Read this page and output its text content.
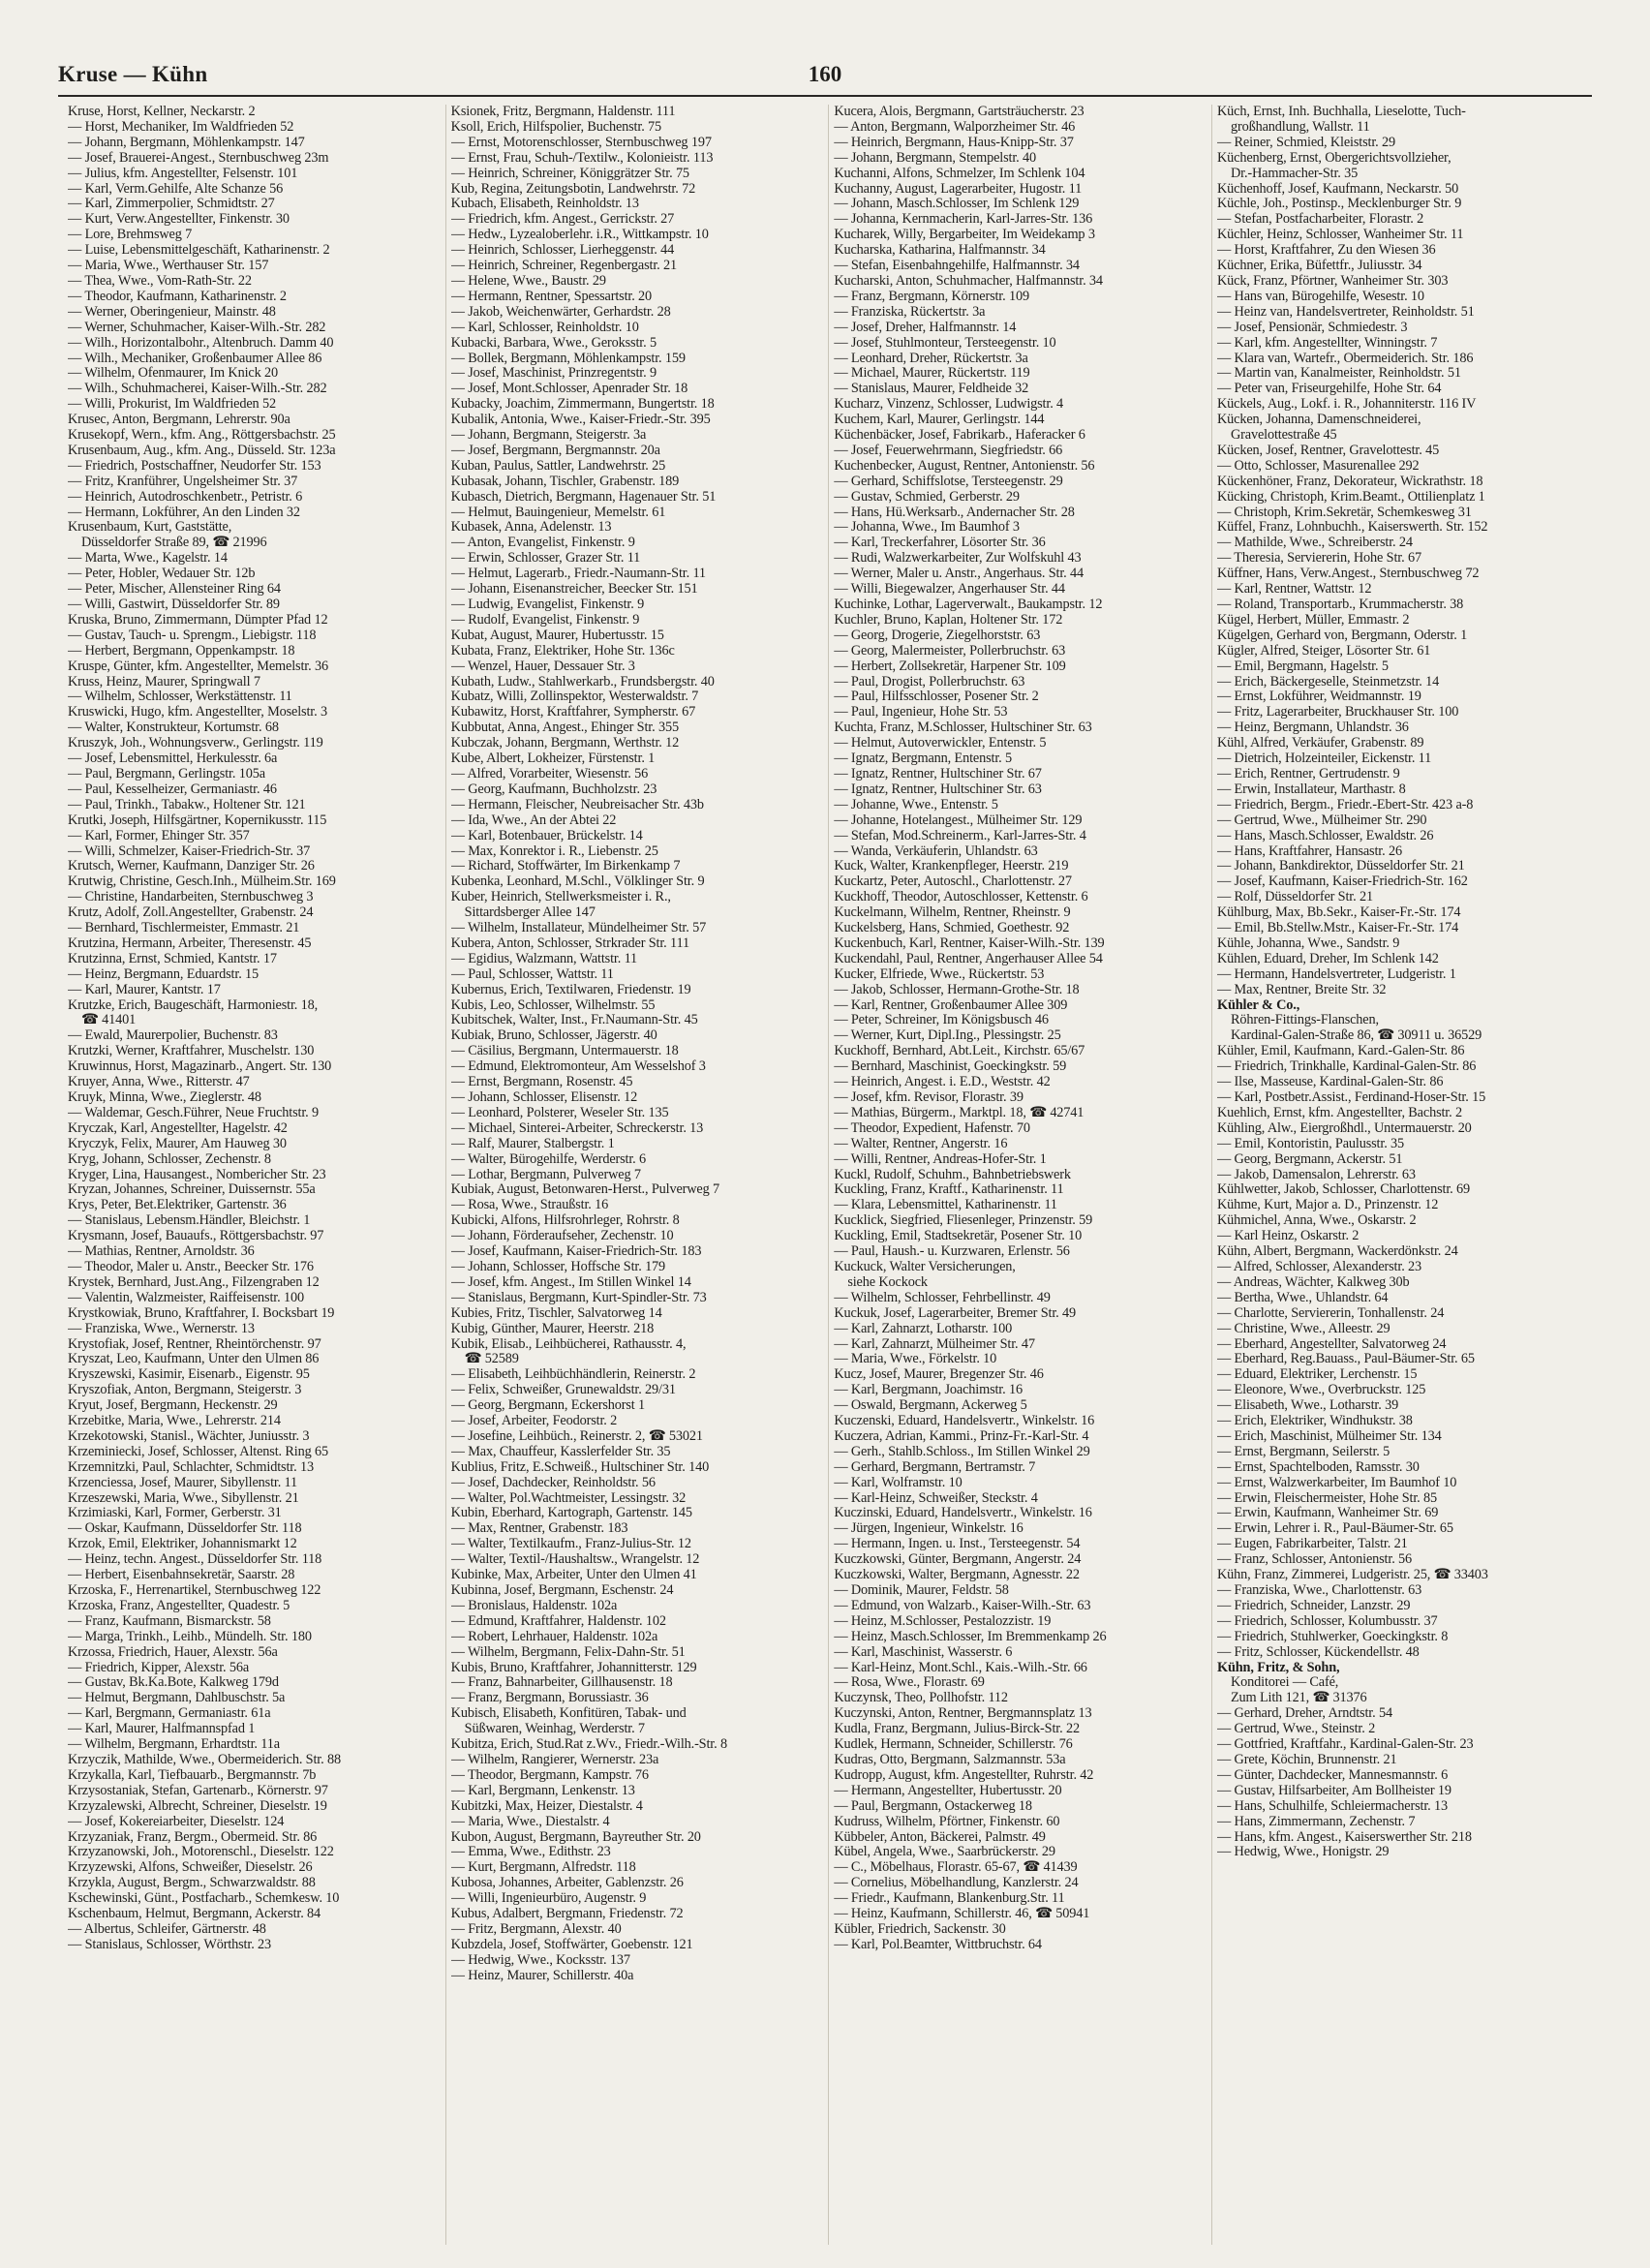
Kruse — Kühn	160
Kruse, Horst, Kellner, Neckarstr. 2
— Horst, Mechaniker, Im Waldfrieden 52
— Johann, Bergmann, Möhlenkampstr. 147
— Josef, Brauerei-Angest., Sternbuschweg 23m
— Julius, kfm. Angestellter, Felsenstr. 101
— Karl, Verm.Gehilfe, Alte Schanze 56
— Karl, Zimmerpolier, Schmidtstr. 27
— Kurt, Verw.Angestellter, Finkenstr. 30
— Lore, Brehmsweg 7
— Luise, Lebensmittelgeschäft, Katharinenstr. 2
— Maria, Wwe., Werthauser Str. 157
— Thea, Wwe., Vom-Rath-Str. 22
— Theodor, Kaufmann, Katharinenstr. 2
— Werner, Oberingenieur, Mainstr. 48
— Werner, Schuhmacher, Kaiser-Wilh.-Str. 282
— Wilh., Horizontalbohr., Altenbruch. Damm 40
— Wilh., Mechaniker, Großenbaumer Allee 86
— Wilhelm, Ofenmaurer, Im Knick 20
— Wilh., Schuhmacherei, Kaiser-Wilh.-Str. 282
— Willi, Prokurist, Im Waldfrieden 52
Krusec, Anton, Bergmann, Lehrerstr. 90a
Krusekopf, Wern., kfm. Ang., Röttgersbachstr. 25
Krusenbaum, Aug., kfm. Ang., Düsseld. Str. 123a
— Friedrich, Postschaffner, Neudorfer Str. 153
— Fritz, Kranführer, Ungelsheimer Str. 37
— Heinrich, Autodroschkenbetr., Petristr. 6
— Hermann, Lokführer, An den Linden 32
Krusenbaum, Kurt, Gaststätte,
Düsseldorfer Straße 89, ☎ 21996
— Marta, Wwe., Kagelstr. 14
— Peter, Hobler, Wedauer Str. 12b
— Peter, Mischer, Allensteiner Ring 64
— Willi, Gastwirt, Düsseldorfer Str. 89
Kruska, Bruno, Zimmermann, Dümpter Pfad 12
— Gustav, Tauch- u. Sprengm., Liebigstr. 118
— Herbert, Bergmann, Oppenkampstr. 18
Kruspe, Günter, kfm. Angestellter, Memelstr. 36
Kruss, Heinz, Maurer, Springwall 7
— Wilhelm, Schlosser, Werkstättenstr. 11
Kruswicki, Hugo, kfm. Angestellter, Moselstr. 3
— Walter, Konstrukteur, Kortumstr. 68
Kruszyk, Joh., Wohnungsverw., Gerlingstr. 119
— Josef, Lebensmittel, Herkulesstr. 6a
— Paul, Bergmann, Gerlingstr. 105a
— Paul, Kesselheizer, Germaniastr. 46
— Paul, Trinkh., Tabakw., Holtener Str. 121
Krutki, Joseph, Hilfsgärtner, Kopernikusstr. 115
— Karl, Former, Ehinger Str. 357
— Willi, Schmelzer, Kaiser-Friedrich-Str. 37
Krutsch, Werner, Kaufmann, Danziger Str. 26
Krutwig, Christine, Gesch.Inh., Mülheim.Str. 169
— Christine, Handarbeiten, Sternbuschweg 3
Krutz, Adolf, Zoll.Angestellter, Grabenstr. 24
— Bernhard, Tischlermeister, Emmastr. 21
Krutzina, Hermann, Arbeiter, Theresenstr. 45
Krutzinna, Ernst, Schmied, Kantstr. 17
— Heinz, Bergmann, Eduardstr. 15
— Karl, Maurer, Kantstr. 17
Krutzke, Erich, Baugeschäft, Harmoniestr. 18,
☎ 41401
— Ewald, Maurerpolier, Buchenstr. 83
Krutzki, Werner, Kraftfahrer, Muschelstr. 130
Kruwinnus, Horst, Magazinarb., Angert. Str. 130
Kruyer, Anna, Wwe., Ritterstr. 47
Kruyk, Minna, Wwe., Zieglerstr. 48
— Waldemar, Gesch.Führer, Neue Fruchtstr. 9
Kryczak, Karl, Angestellter, Hagelstr. 42
Kryczyk, Felix, Maurer, Am Hauweg 30
Kryg, Johann, Schlosser, Zechenstr. 8
Kryger, Lina, Hausangest., Nombericher Str. 23
Kryzan, Johannes, Schreiner, Duissernstr. 55a
Krys, Peter, Bet.Elektriker, Gartenstr. 36
— Stanislaus, Lebensm.Händler, Bleichstr. 1
Krysmann, Josef, Bauaufs., Röttgersbachstr. 97
— Mathias, Rentner, Arnoldstr. 36
— Theodor, Maler u. Anstr., Beecker Str. 176
Krystek, Bernhard, Just.Ang., Filzengraben 12
— Valentin, Walzmeister, Raiffeisenstr. 100
Krystkowiak, Bruno, Kraftfahrer, I. Bocksbart 19
— Franziska, Wwe., Wernerstr. 13
Krystofiak, Josef, Rentner, Rheintörchenstr. 97
Kryszat, Leo, Kaufmann, Unter den Ulmen 86
Kryszewski, Kasimir, Eisenarb., Eigenstr. 95
Kryszofiak, Anton, Bergmann, Steigerstr. 3
Kryut, Josef, Bergmann, Heckenstr. 29
Krzebitke, Maria, Wwe., Lehrerstr. 214
Krzekotowski, Stanisl., Wächter, Juniusstr. 3
Krzeminiecki, Josef, Schlosser, Altenst. Ring 65
Krzemnitzki, Paul, Schlachter, Schmidtstr. 13
Krzenciessa, Josef, Maurer, Sibyllenstr. 11
Krzeszewski, Maria, Wwe., Sibyllenstr. 21
Krzimiaski, Karl, Former, Gerberstr. 31
— Oskar, Kaufmann, Düsseldorfer Str. 118
Krzok, Emil, Elektriker, Johannismarkt 12
— Heinz, techn. Angest., Düsseldorfer Str. 118
— Herbert, Eisenbahnsekretär, Saarstr. 28
Krzoska, F., Herrenartikel, Sternbuschweg 122
Krzoska, Franz, Angestellter, Quadestr. 5
— Franz, Kaufmann, Bismarckstr. 58
— Marga, Trinkh., Leihb., Mündelh. Str. 180
Krzossa, Friedrich, Hauer, Alexstr. 56a
— Friedrich, Kipper, Alexstr. 56a
— Gustav, Bk.Ka.Bote, Kalkweg 179d
— Helmut, Bergmann, Dahlbuschstr. 5a
— Karl, Bergmann, Germaniastr. 61a
— Karl, Maurer, Halfmannspfad 1
— Wilhelm, Bergmann, Erhardtstr. 11a
Krzyczik, Mathilde, Wwe., Obermeiderich. Str. 88
Krzykalla, Karl, Tiefbauarb., Bergmannstr. 7b
Krzysostaniak, Stefan, Gartenarb., Körnerstr. 97
Krzyzalewski, Albrecht, Schreiner, Dieselstr. 19
— Josef, Kokereiarbeiter, Dieselstr. 124
Krzyzaniak, Franz, Bergm., Obermeid. Str. 86
Krzyzanowski, Joh., Motorenschl., Dieselstr. 122
Krzyzewski, Alfons, Schweißer, Dieselstr. 26
Krzykla, August, Bergm., Schwarzwaldstr. 88
Kschewinski, Günt., Postfacharb., Schemkesw. 10
Kschenbaum, Helmut, Bergmann, Ackerstr. 84
— Albertus, Schleifer, Gärtnerstr. 48
— Stanislaus, Schlosser, Wörthstr. 23
Ksionek, Fritz, Bergmann, Haldenstr. 111
Ksoll, Erich, Hilfspolier, Buchenstr. 75
— Ernst, Motorenschlosser, Sternbuschweg 197
— Ernst, Frau, Schuh-/Textilw., Kolonieistr. 113
— Heinrich, Schreiner, Königgrätzer Str. 75
Kub, Regina, Zeitungsbotin, Landwehrstr. 72
Kubach, Elisabeth, Reinholdstr. 13
— Friedrich, kfm. Angest., Gerrickstr. 27
— Hedw., Lyzealoberlehr. i.R., Wittkampstr. 10
— Heinrich, Schlosser, Lierheggenstr. 44
— Heinrich, Schreiner, Regenbergastr. 21
— Helene, Wwe., Baustr. 29
— Hermann, Rentner, Spessartstr. 20
— Jakob, Weichenwärter, Gerhardstr. 28
— Karl, Schlosser, Reinholdstr. 10
Kubacki, Barbara, Wwe., Geroksstr. 5
— Bollek, Bergmann, Möhlenkampstr. 159
— Josef, Maschinist, Prinzregentstr. 9
— Josef, Mont.Schlosser, Apenrader Str. 18
Kubacky, Joachim, Zimmermann, Bungertstr. 18
Kubalik, Antonia, Wwe., Kaiser-Friedr.-Str. 395
— Johann, Bergmann, Steigerstr. 3a
— Josef, Bergmann, Bergmannstr. 20a
Kuban, Paulus, Sattler, Landwehrstr. 25
Kubasak, Johann, Tischler, Grabenstr. 189
Kubasch, Dietrich, Bergmann, Hagenauer Str. 51
— Helmut, Bauingenieur, Memelstr. 61
Kubasek, Anna, Adelenstr. 13
— Anton, Evangelist, Finkenstr. 9
— Erwin, Schlosser, Grazer Str. 11
— Helmut, Lagerarb., Friedr.-Naumann-Str. 11
— Johann, Eisenanstreicher, Beecker Str. 151
— Ludwig, Evangelist, Finkenstr. 9
— Rudolf, Evangelist, Finkenstr. 9
Kubat, August, Maurer, Hubertusstr. 15
Kubata, Franz, Elektriker, Hohe Str. 136c
— Wenzel, Hauer, Dessauer Str. 3
Kubath, Ludw., Stahlwerkarb., Frundsbergstr. 40
Kubatz, Willi, Zollinspektor, Westerwaldstr. 7
Kubawitz, Horst, Kraftfahrer, Sympherstr. 67
Kubbutat, Anna, Angest., Ehinger Str. 355
Kubczak, Johann, Bergmann, Werthstr. 12
Kube, Albert, Lokheizer, Fürstenstr. 1
— Alfred, Vorarbeiter, Wiesenstr. 56
— Georg, Kaufmann, Buchholzstr. 23
— Hermann, Fleischer, Neubreisacher Str. 43b
— Ida, Wwe., An der Abtei 22
— Karl, Botenbauer, Brückelstr. 14
— Max, Konrektor i. R., Liebenstr. 25
— Richard, Stoffwärter, Im Birkenkamp 7
Kubenka, Leonhard, M.Schl., Völklinger Str. 9
Kuber, Heinrich, Stellwerksmeister i. R.,
Sittardsberger Allee 147
— Wilhelm, Installateur, Mündelheimer Str. 57
Kubera, Anton, Schlosser, Strkrader Str. 111
— Egidius, Walzmann, Wattstr. 11
— Paul, Schlosser, Wattstr. 11
Kubernus, Erich, Textilwaren, Friedenstr. 19
Kubis, Leo, Schlosser, Wilhelmstr. 55
Kubitschek, Walter, Inst., Fr.Naumann-Str. 45
Kubiak, Bruno, Schlosser, Jägerstr. 40
— Cäsilius, Bergmann, Untermauerstr. 18
— Edmund, Elektromonteur, Am Wesselshof 3
— Ernst, Bergmann, Rosenstr. 45
— Johann, Schlosser, Elisenstr. 12
— Leonhard, Polsterer, Weseler Str. 135
— Michael, Sinterei-Arbeiter, Schreckerstr. 13
— Ralf, Maurer, Stalbergstr. 1
— Walter, Bürogehilfe, Werderstr. 6
— Lothar, Bergmann, Pulverweg 7
Kubiak, August, Betonwaren-Herst., Pulverweg 7
— Rosa, Wwe., Straußstr. 16
Kubicki, Alfons, Hilfsrohrleger, Rohrstr. 8
— Johann, Förderaufseher, Zechenstr. 10
— Josef, Kaufmann, Kaiser-Friedrich-Str. 183
— Johann, Schlosser, Hoffsche Str. 179
— Josef, kfm. Angest., Im Stillen Winkel 14
— Stanislaus, Bergmann, Kurt-Spindler-Str. 73
Kubies, Fritz, Tischler, Salvatorweg 14
Kubig, Günther, Maurer, Heerstr. 218
Kubik, Elisab., Leihbücherei, Rathausstr. 4,
☎ 52589
— Elisabeth, Leihbüchhändlerin, Reinerstr. 2
— Felix, Schweißer, Grunewaldstr. 29/31
— Georg, Bergmann, Eckershorst 1
— Josef, Arbeiter, Feodorstr. 2
— Josefine, Leihbüch., Reinerstr. 2, ☎ 53021
— Max, Chauffeur, Kasslerfelder Str. 35
Kublius, Fritz, E.Schweiß., Hultschiner Str. 140
— Josef, Dachdecker, Reinholdstr. 56
— Walter, Pol.Wachtmeister, Lessingstr. 32
Kubin, Eberhard, Kartograph, Gartenstr. 145
— Max, Rentner, Grabenstr. 183
— Walter, Textilkaufm., Franz-Julius-Str. 12
— Walter, Textil-/Haushaltsw., Wrangelstr. 12
Kubinke, Max, Arbeiter, Unter den Ulmen 41
Kubinna, Josef, Bergmann, Eschenstr. 24
— Bronislaus, Haldenstr. 102a
— Edmund, Kraftfahrer, Haldenstr. 102
— Robert, Lehrhauer, Haldenstr. 102a
— Wilhelm, Bergmann, Felix-Dahn-Str. 51
Kubis, Bruno, Kraftfahrer, Johannitterstr. 129
— Franz, Bahnarbeiter, Gillhausenstr. 18
— Franz, Bergmann, Borussiastr. 36
Kubisch, Elisabeth, Konfitüren, Tabak- und
Süßwaren, Weinhag, Werderstr. 7
Kubitza, Erich, Stud.Rat z.Wv., Friedr.-Wilh.-Str. 8
— Wilhelm, Rangierer, Wernerstr. 23a
— Theodor, Bergmann, Kampstr. 76
— Karl, Bergmann, Lenkenstr. 13
Kubitzki, Max, Heizer, Diestalstr. 4
— Maria, Wwe., Diestalstr. 4
Kubon, August, Bergmann, Bayreuther Str. 20
— Emma, Wwe., Edithstr. 23
— Kurt, Bergmann, Alfredstr. 118
Kubosa, Johannes, Arbeiter, Gablenzstr. 26
— Willi, Ingenieurbüro, Augenstr. 9
Kubus, Adalbert, Bergmann, Friedenstr. 72
— Fritz, Bergmann, Alexstr. 40
Kubzdela, Josef, Stoffwärter, Goebenstr. 121
— Hedwig, Wwe., Kocksstr. 137
— Heinz, Maurer, Schillerstr. 40a
Kucera, Alois, Bergmann, Gartsträucherstr. 23
— Anton, Bergmann, Walporzheimer Str. 46
— Heinrich, Bergmann, Haus-Knipp-Str. 37
— Johann, Bergmann, Stempelstr. 40
Kuchanni, Alfons, Schmelzer, Im Schlenk 104
Kuchanny, August, Lagerarbeiter, Hugostr. 11
— Johann, Masch.Schlosser, Im Schlenk 129
— Johanna, Kernmacherin, Karl-Jarres-Str. 136
Kucharek, Willy, Bergarbeiter, Im Weidekamp 3
Kucharska, Katharina, Halfmannstr. 34
— Stefan, Eisenbahngehilfe, Halfmannstr. 34
Kucharski, Anton, Schuhmacher, Halfmannstr. 34
— Franz, Bergmann, Körnerstr. 109
— Franziska, Rückertstr. 3a
— Josef, Dreher, Halfmannstr. 14
— Josef, Stuhlmonteur, Tersteegenstr. 10
— Leonhard, Dreher, Rückertstr. 3a
— Michael, Maurer, Rückertstr. 119
— Stanislaus, Maurer, Feldheide 32
Kucharz, Vinzenz, Schlosser, Ludwigstr. 4
Kuchem, Karl, Maurer, Gerlingstr. 144
Küchenbäcker, Josef, Fabrikarb., Haferacker 6
— Josef, Feuerwehrmann, Siegfriedstr. 66
Kuchenbecker, August, Rentner, Antonienstr. 56
— Gerhard, Schiffslotse, Tersteegenstr. 29
— Gustav, Schmied, Gerberstr. 29
— Hans, Hü.Werksarb., Andernacher Str. 28
— Johanna, Wwe., Im Baumhof 3
— Karl, Treckerfahrer, Lösorter Str. 36
— Rudi, Walzwerkarbeiter, Zur Wolfskuhl 43
— Werner, Maler u. Anstr., Angerhaus. Str. 44
— Willi, Biegewalzer, Angerhauser Str. 44
Kuchinke, Lothar, Lagerverwalt., Baukampstr. 12
Kuchler, Bruno, Kaplan, Holtener Str. 172
— Georg, Drogerie, Ziegelhorststr. 63
— Georg, Malermeister, Pollerbruchstr. 63
— Herbert, Zollsekretär, Harpener Str. 109
— Paul, Drogist, Pollerbruchstr. 63
— Paul, Hilfsschlosser, Posener Str. 2
— Paul, Ingenieur, Hohe Str. 53
Kuchta, Franz, M.Schlosser, Hultschiner Str. 63
— Helmut, Autoverwickler, Entenstr. 5
— Ignatz, Bergmann, Entenstr. 5
— Ignatz, Rentner, Hultschiner Str. 67
— Ignatz, Rentner, Hultschiner Str. 63
— Johanne, Wwe., Entenstr. 5
— Johanne, Hotelangest., Mülheimer Str. 129
— Stefan, Mod.Schreinerm., Karl-Jarres-Str. 4
— Wanda, Verkäuferin, Uhlandstr. 63
Kuck, Walter, Krankenpfleger, Heerstr. 219
Kuckartz, Peter, Autoschl., Charlottenstr. 27
Kuckhoff, Theodor, Autoschlosser, Kettenstr. 6
Kuckelmann, Wilhelm, Rentner, Rheinstr. 9
Kuckelsberg, Hans, Schmied, Goethestr. 92
Kuckenbuch, Karl, Rentner, Kaiser-Wilh.-Str. 139
Kuckendahl, Paul, Rentner, Angerhauser Allee 54
Kucker, Elfriede, Wwe., Rückertstr. 53
— Jakob, Schlosser, Hermann-Grothe-Str. 18
— Karl, Rentner, Großenbaumer Allee 309
— Peter, Schreiner, Im Königsbusch 46
— Werner, Kurt, Dipl.Ing., Plessingstr. 25
Kuckhoff, Bernhard, Abt.Leit., Kirchstr. 65/67
— Bernhard, Maschinist, Goeckingkstr. 59
— Heinrich, Angest. i. E.D., Weststr. 42
— Josef, kfm. Revisor, Florastr. 39
— Mathias, Bürgerm., Marktpl. 18, ☎ 42741
— Theodor, Expedient, Hafenstr. 70
— Walter, Rentner, Angerstr. 16
— Willi, Rentner, Andreas-Hofer-Str. 1
Kuckl, Rudolf, Schuhm., Bahnbetriebswerk
Kuckling, Franz, Kraftf., Katharinenstr. 11
— Klara, Lebensmittel, Katharinenstr. 11
Kucklick, Siegfried, Fliesenleger, Prinzenstr. 59
Kuckling, Emil, Stadtsekretär, Posener Str. 10
— Paul, Haush.- u. Kurzwaren, Erlenstr. 56
Kuckuck, Walter Versicherungen,
siehe Kockock
— Wilhelm, Schlosser, Fehrbellinstr. 49
Kuckuk, Josef, Lagerarbeiter, Bremer Str. 49
— Karl, Zahnarzt, Lotharstr. 100
— Karl, Zahnarzt, Mülheimer Str. 47
— Maria, Wwe., Förkelstr. 10
Kucz, Josef, Maurer, Bregenzer Str. 46
— Karl, Bergmann, Joachimstr. 16
— Oswald, Bergmann, Ackerweg 5
Kuczenski, Eduard, Handelsvertr., Winkelstr. 16
Kuczera, Adrian, Kammi., Prinz-Fr.-Karl-Str. 4
— Gerh., Stahlb.Schloss., Im Stillen Winkel 29
— Gerhard, Bergmann, Bertramstr. 7
— Karl, Wolframstr. 10
— Karl-Heinz, Schweißer, Steckstr. 4
Kuczinski, Eduard, Handelsvertr., Winkelstr. 16
— Jürgen, Ingenieur, Winkelstr. 16
— Hermann, Ingen. u. Inst., Tersteegenstr. 54
Kuczkowski, Günter, Bergmann, Angerstr. 24
Kuczkowski, Walter, Bergmann, Agnesstr. 22
— Dominik, Maurer, Feldstr. 58
— Edmund, von Walzarb., Kaiser-Wilh.-Str. 63
— Heinz, M.Schlosser, Pestalozzistr. 19
— Heinz, Masch.Schlosser, Im Bremmenkamp 26
— Karl, Maschinist, Wasserstr. 6
— Karl-Heinz, Mont.Schl., Kais.-Wilh.-Str. 66
— Rosa, Wwe., Florastr. 69
Kuczynsk, Theo, Pollhofstr. 112
Kuczynski, Anton, Rentner, Bergmannsplatz 13
Kudla, Franz, Bergmann, Julius-Birck-Str. 22
Kudlek, Hermann, Schneider, Schillerstr. 76
Kudras, Otto, Bergmann, Salzmannstr. 53a
Kudropp, August, kfm. Angestellter, Ruhrstr. 42
— Hermann, Angestellter, Hubertusstr. 20
— Paul, Bergmann, Ostackerweg 18
Kudruss, Wilhelm, Pförtner, Finkenstr. 60
Kübbeler, Anton, Bäckerei, Palmstr. 49
Kübel, Angela, Wwe., Saarbrückerstr. 29
— C., Möbelhaus, Florastr. 65-67, ☎ 41439
— Cornelius, Möbelhandlung, Kanzlerstr. 24
— Friedr., Kaufmann, Blankenburg.Str. 11
— Heinz, Kaufmann, Schillerstr. 46, ☎ 50941
Kübler, Friedrich, Sackenstr. 30
— Karl, Pol.Beamter, Wittbruchstr. 64
Küch, Ernst, Inh. Buchhalla, Lieselotte, Tuch-
großhandlung, Wallstr. 11
— Reiner, Schmied, Kleiststr. 29
Küchenberg, Ernst, Obergerichtsvollzieher,
Dr.-Hammacher-Str. 35
Küchenhoff, Josef, Kaufmann, Neckarstr. 50
Küchle, Joh., Postinsp., Mecklenburger Str. 9
— Stefan, Postfacharbeiter, Florastr. 2
Küchler, Heinz, Schlosser, Wanheimer Str. 11
— Horst, Kraftfahrer, Zu den Wiesen 36
Küchner, Erika, Büfettfr., Juliusstr. 34
Kück, Franz, Pförtner, Wanheimer Str. 303
— Hans van, Bürogehilfe, Wesestr. 10
— Heinz van, Handelsvertreter, Reinholdstr. 51
— Josef, Pensionär, Schmiedestr. 3
— Karl, kfm. Angestellter, Winningstr. 7
— Klara van, Wartefr., Obermeiderich. Str. 186
— Martin van, Kanalmeister, Reinholdstr. 51
— Peter van, Friseurgehilfe, Hohe Str. 64
Kückels, Aug., Lokf. i. R., Johanniterstr. 116 IV
Kücken, Johanna, Damenschneiderei,
Gravelottestraße 45
Kücken, Josef, Rentner, Gravelottestr. 45
— Otto, Schlosser, Masurenallee 292
Kückenhöner, Franz, Dekorateur, Wickrathstr. 18
Kücking, Christoph, Krim.Beamt., Ottilienplatz 1
— Christoph, Krim.Sekretär, Schemkesweg 31
Küffel, Franz, Lohnbuchh., Kaiserswerth. Str. 152
— Mathilde, Wwe., Schreiberstr. 24
— Theresia, Serviererin, Hohe Str. 67
Küffner, Hans, Verw.Angest., Sternbuschweg 72
— Karl, Rentner, Wattstr. 12
— Roland, Transportarb., Krummacherstr. 38
Kügel, Herbert, Müller, Emmastr. 2
Kügelgen, Gerhard von, Bergmann, Oderstr. 1
Kügler, Alfred, Steiger, Lösorter Str. 61
— Emil, Bergmann, Hagelstr. 5
— Erich, Bäckergeselle, Steinmetzstr. 14
— Ernst, Lokführer, Weidmannstr. 19
— Fritz, Lagerarbeiter, Bruckhauser Str. 100
— Heinz, Bergmann, Uhlandstr. 36
Kühl, Alfred, Verkäufer, Grabenstr. 89
— Dietrich, Holzeinteiler, Eickenstr. 11
— Erich, Rentner, Gertrudenstr. 9
— Erwin, Installateur, Marthastr. 8
— Friedrich, Bergm., Friedr.-Ebert-Str. 423 a-8
— Gertrud, Wwe., Mülheimer Str. 290
— Hans, Masch.Schlosser, Ewaldstr. 26
— Hans, Kraftfahrer, Hansastr. 26
— Johann, Bankdirektor, Düsseldorfer Str. 21
— Josef, Kaufmann, Kaiser-Friedrich-Str. 162
— Rolf, Düsseldorfer Str. 21
Kühlburg, Max, Bb.Sekr., Kaiser-Fr.-Str. 174
— Emil, Bb.Stellw.Mstr., Kaiser-Fr.-Str. 174
Kühle, Johanna, Wwe., Sandstr. 9
Kühlen, Eduard, Dreher, Im Schlenk 142
— Hermann, Handelsvertreter, Ludgeristr. 1
— Max, Rentner, Breite Str. 32
Kühler & Co.,
Röhren-Fittings-Flanschen,
Kardinal-Galen-Straße 86, ☎ 30911 u. 36529
Kühler, Emil, Kaufmann, Kard.-Galen-Str. 86
— Friedrich, Trinkhalle, Kardinal-Galen-Str. 86
— Ilse, Masseuse, Kardinal-Galen-Str. 86
— Karl, Postbetr.Assist., Ferdinand-Hoser-Str. 15
Kuehlich, Ernst, kfm. Angestellter, Bachstr. 2
Kühling, Alw., Eiergroßhdl., Untermauerstr. 20
— Emil, Kontoristin, Paulusstr. 35
— Georg, Bergmann, Ackerstr. 51
— Jakob, Damensalon, Lehrerstr. 63
Kühlwetter, Jakob, Schlosser, Charlottenstr. 69
Kühme, Kurt, Major a. D., Prinzenstr. 12
Kühmichel, Anna, Wwe., Oskarstr. 2
— Karl Heinz, Oskarstr. 2
Kühn, Albert, Bergmann, Wackerdönkstr. 24
— Alfred, Schlosser, Alexanderstr. 23
— Andreas, Wächter, Kalkweg 30b
— Bertha, Wwe., Uhlandstr. 64
— Charlotte, Serviererin, Tonhallenstr. 24
— Christine, Wwe., Alleestr. 29
— Eberhard, Angestellter, Salvatorweg 24
— Eberhard, Reg.Bauass., Paul-Bäumer-Str. 65
— Eduard, Elektriker, Lerchenstr. 15
— Eleonore, Wwe., Overbruckstr. 125
— Elisabeth, Wwe., Lotharstr. 39
— Erich, Elektriker, Windhukstr. 38
— Erich, Maschinist, Mülheimer Str. 134
— Ernst, Bergmann, Seilerstr. 5
— Ernst, Spachtelboden, Ramsstr. 30
— Ernst, Walzwerkarbeiter, Im Baumhof 10
— Erwin, Fleischermeister, Hohe Str. 85
— Erwin, Kaufmann, Wanheimer Str. 69
— Erwin, Lehrer i. R., Paul-Bäumer-Str. 65
— Eugen, Fabrikarbeiter, Talstr. 21
— Franz, Schlosser, Antonienstr. 56
Kühn, Franz, Zimmerei, Ludgeristr. 25, ☎ 33403
— Franziska, Wwe., Charlottenstr. 63
— Friedrich, Schneider, Lanzstr. 29
— Friedrich, Schlosser, Kolumbusstr. 37
— Friedrich, Stuhlwerker, Goeckingkstr. 8
— Fritz, Schlosser, Kückendellstr. 48
Kühn, Fritz, & Sohn,
Konditorei — Café,
Zum Lith 121, ☎ 31376
— Gerhard, Dreher, Arndtstr. 54
— Gertrud, Wwe., Steinstr. 2
— Gottfried, Kraftfahr., Kardinal-Galen-Str. 23
— Grete, Köchin, Brunnenstr. 21
— Günter, Dachdecker, Mannesmannstr. 6
— Gustav, Hilfsarbeiter, Am Bollheister 19
— Hans, Schulhilfe, Schleiermacherstr. 13
— Hans, Zimmermann, Zechenstr. 7
— Hans, kfm. Angest., Kaiserswerther Str. 218
— Hedwig, Wwe., Honigstr. 29
